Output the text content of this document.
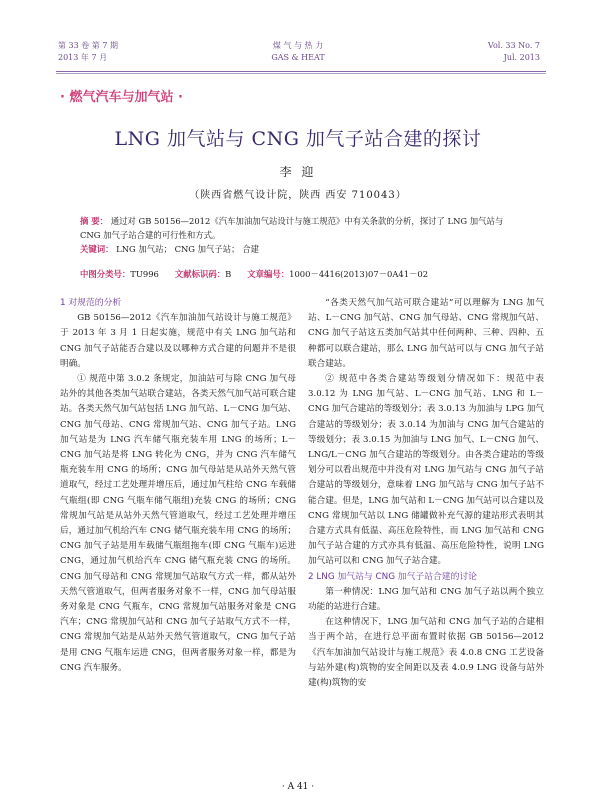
第 33 卷 第 7 期
2013 年 7 月
煤 气 与 热 力
GAS & HEAT
Vol. 33 No. 7
Jul. 2013
· 燃气汽车与加气站 ·
LNG 加气站与 CNG 加气子站合建的探讨
李 迎
（陕西省燃气设计院，陕西 西安 710043）
摘 要： 通过对 GB 50156—2012《汽车加油加气站设计与施工规范》中有关条款的分析，探讨了 LNG 加气站与 CNG 加气子站合建的可行性和方式。
关键词： LNG 加气站； CNG 加气子站； 合建
中图分类号：TU996 文献标识码：B 文章编号：1000－4416(2013)07－0A41－02
1 对规范的分析

GB 50156—2012《汽车加油加气站设计与施工规范》于 2013 年 3 月 1 日起实施，规范中有关 LNG 加气站和 CNG 加气子站能否合建以及以哪种方式合建的问题并不是很明确。

① 规范中第 3.0.2 条规定，加油站可与除 CNG 加气母站外的其他各类加气站联合建站，各类天然气加气站可联合建站。各类天然气加气站包括 LNG 加气站、L－CNG 加气站、CNG 加气母站、CNG 常规加气站、CNG 加气子站。LNG 加气站是为 LNG 汽车储气瓶充装车用 LNG 的场所；L－CNG 加气站是将 LNG 转化为 CNG，并为 CNG 汽车储气瓶充装车用 CNG 的场所；CNG 加气母站是从站外天然气管道取气，经过工艺处理并增压后，通过加气柱给 CNG 车载储气瓶组(即 CNG 气瓶车储气瓶组)充装 CNG 的场所；CNG 常规加气站是从站外天然气管道取气，经过工艺处理并增压后，通过加气机给汽车 CNG 储气瓶充装车用 CNG 的场所；CNG 加气子站是用车载储气瓶组拖车(即 CNG 气瓶车)运进 CNG，通过加气机给汽车 CNG 储气瓶充装 CNG 的场所。CNG 加气母站和 CNG 常规加气站取气方式一样，都从站外天然气管道取气，但两者服务对象不一样，CNG 加气母站服务对象是 CNG 气瓶车，CNG 常规加气站服务对象是 CNG 汽车；CNG 常规加气站和 CNG 加气子站取气方式不一样，CNG 常规加气站是从站外天然气管道取气，CNG 加气子站是用 CNG 气瓶车运进 CNG，但两者服务对象一样，都是为 CNG 汽车服务。

“各类天然气加气站可联合建站”可以理解为 LNG 加气站、L－CNG 加气站、CNG 加气母站、CNG 常规加气站、CNG 加气子站这五类加气站其中任何两种、三种、四种、五种都可以联合建站，那么 LNG 加气站可以与 CNG 加气子站联合建站。

② 规范中各类合建站等级划分情况如下：规范中表 3.0.12 为 LNG 加气站、L－CNG 加气站、LNG 和 L－CNG 加气合建站的等级划分；表 3.0.13 为加油与 LPG 加气合建站的等级划分；表 3.0.14 为加油与 CNG 加气合建站的等级划分；表 3.0.15 为加油与 LNG 加气、L－CNG 加气、LNG/L－CNG 加气合建站的等级划分。由各类合建站的等级划分可以看出规范中并没有对 LNG 加气站与 CNG 加气子站合建站的等级划分，意味着 LNG 加气站与 CNG 加气子站不能合建。但是，LNG 加气站和 L－CNG 加气站可以合建以及 CNG 常规加气站以 LNG 储罐做补充气源的建站形式表明其合建方式具有低温、高压危险特性，而 LNG 加气站和 CNG 加气子站合建的方式亦具有低温、高压危险特性，说明 LNG 加气站可以和 CNG 加气子站合建。

2 LNG 加气站与 CNG 加气子站合建的讨论

第一种情况：LNG 加气站和 CNG 加气子站以两个独立功能的站进行合建。

在这种情况下，LNG 加气站和 CNG 加气子站的合建相当于两个站，在进行总平面布置时依据 GB 50156—2012《汽车加油加气站设计与施工规范》表 4.0.8 CNG 工艺设备与站外建(构)筑物的安全间距以及表 4.0.9 LNG 设备与站外建(构)筑物的安

· A 41 ·
